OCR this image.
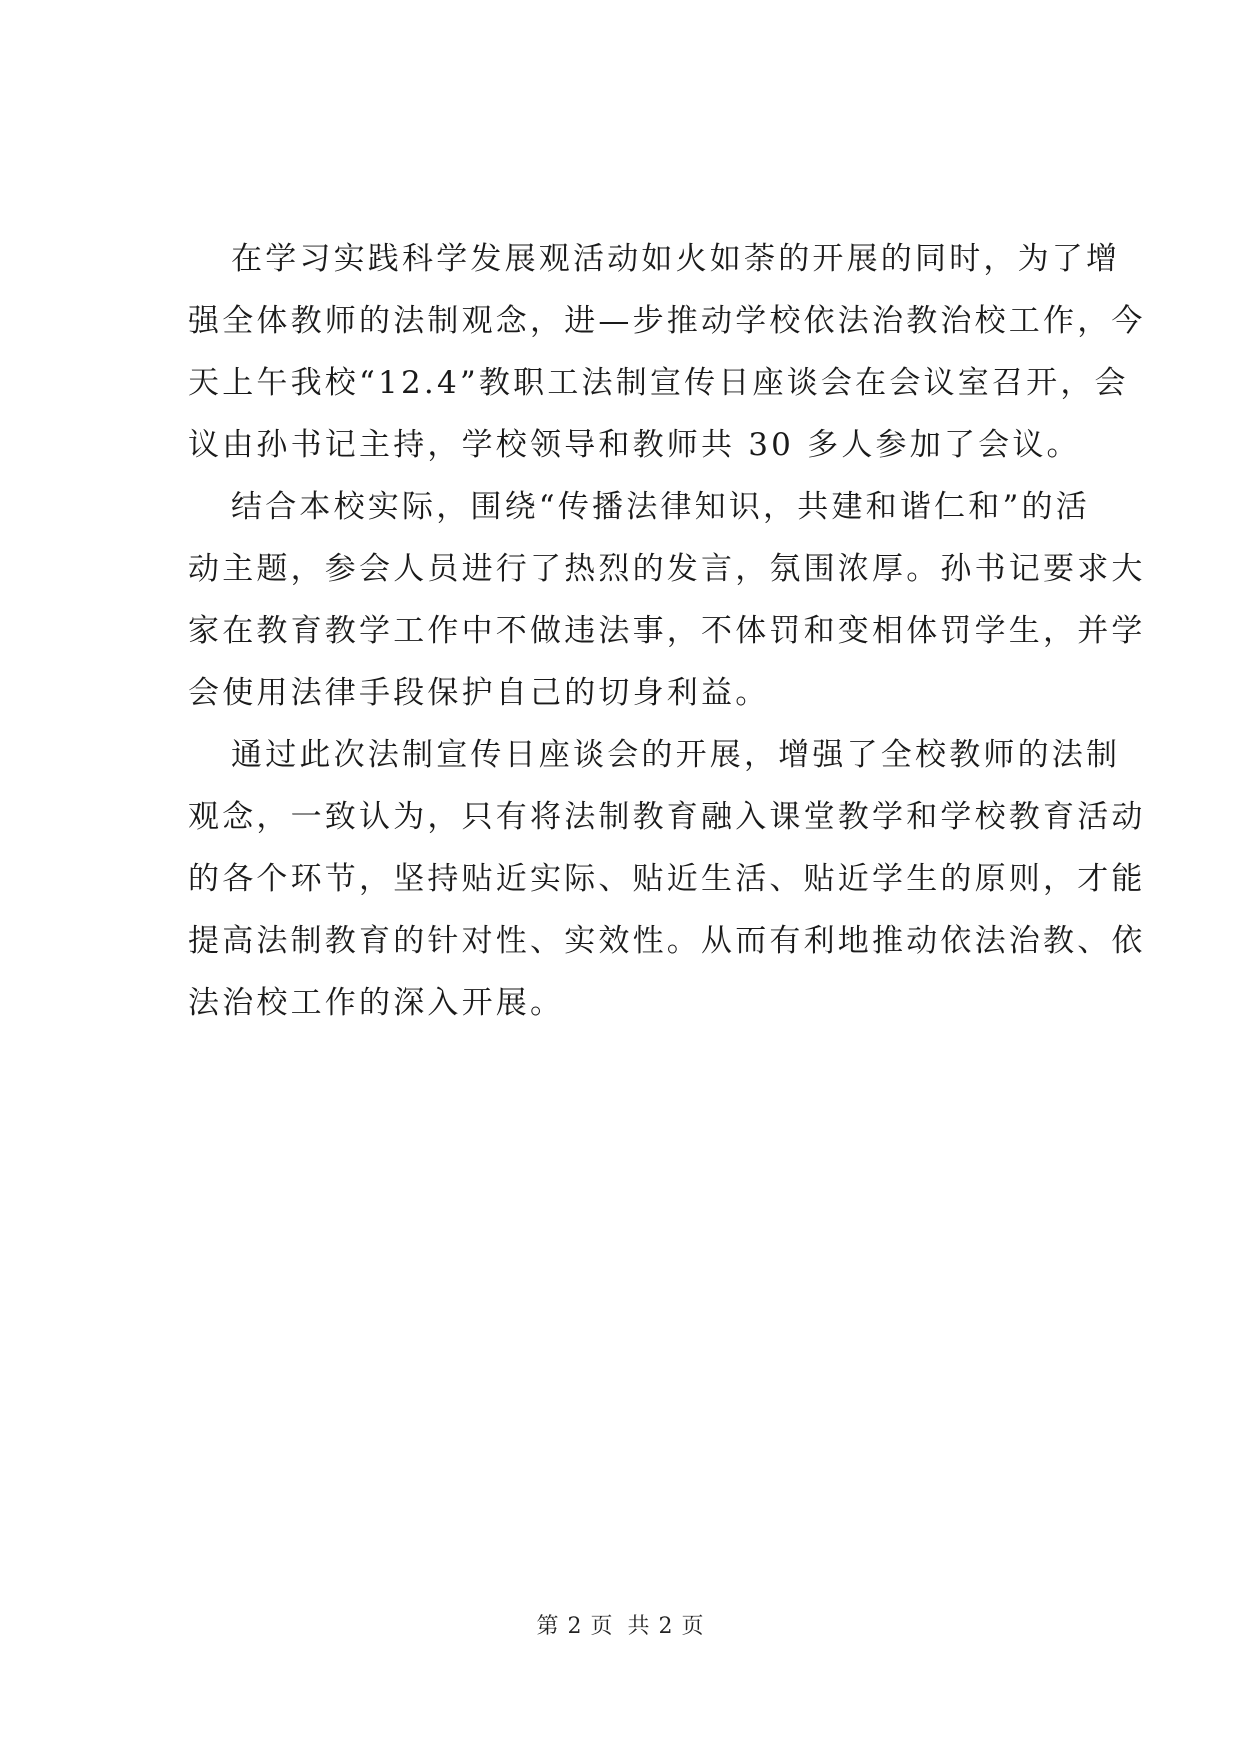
在学习实践科学发展观活动如火如荼的开展的同时，为了增
强全体教师的法制观念，进—步推动学校依法治教治校工作，今
天上午我校“12.4”教职工法制宣传日座谈会在会议室召开，会
议由孙书记主持，学校领导和教师共 30 多人参加了会议。
结合本校实际，围绕“传播法律知识，共建和谐仁和”的活
动主题，参会人员进行了热烈的发言，氛围浓厚。孙书记要求大
家在教育教学工作中不做违法事，不体罚和变相体罚学生，并学
会使用法律手段保护自己的切身利益。
通过此次法制宣传日座谈会的开展，增强了全校教师的法制
观念，一致认为，只有将法制教育融入课堂教学和学校教育活动
的各个环节，坚持贴近实际、贴近生活、贴近学生的原则，才能
提高法制教育的针对性、实效性。从而有利地推动依法治教、依
法治校工作的深入开展。
第 2 页 共 2 页
